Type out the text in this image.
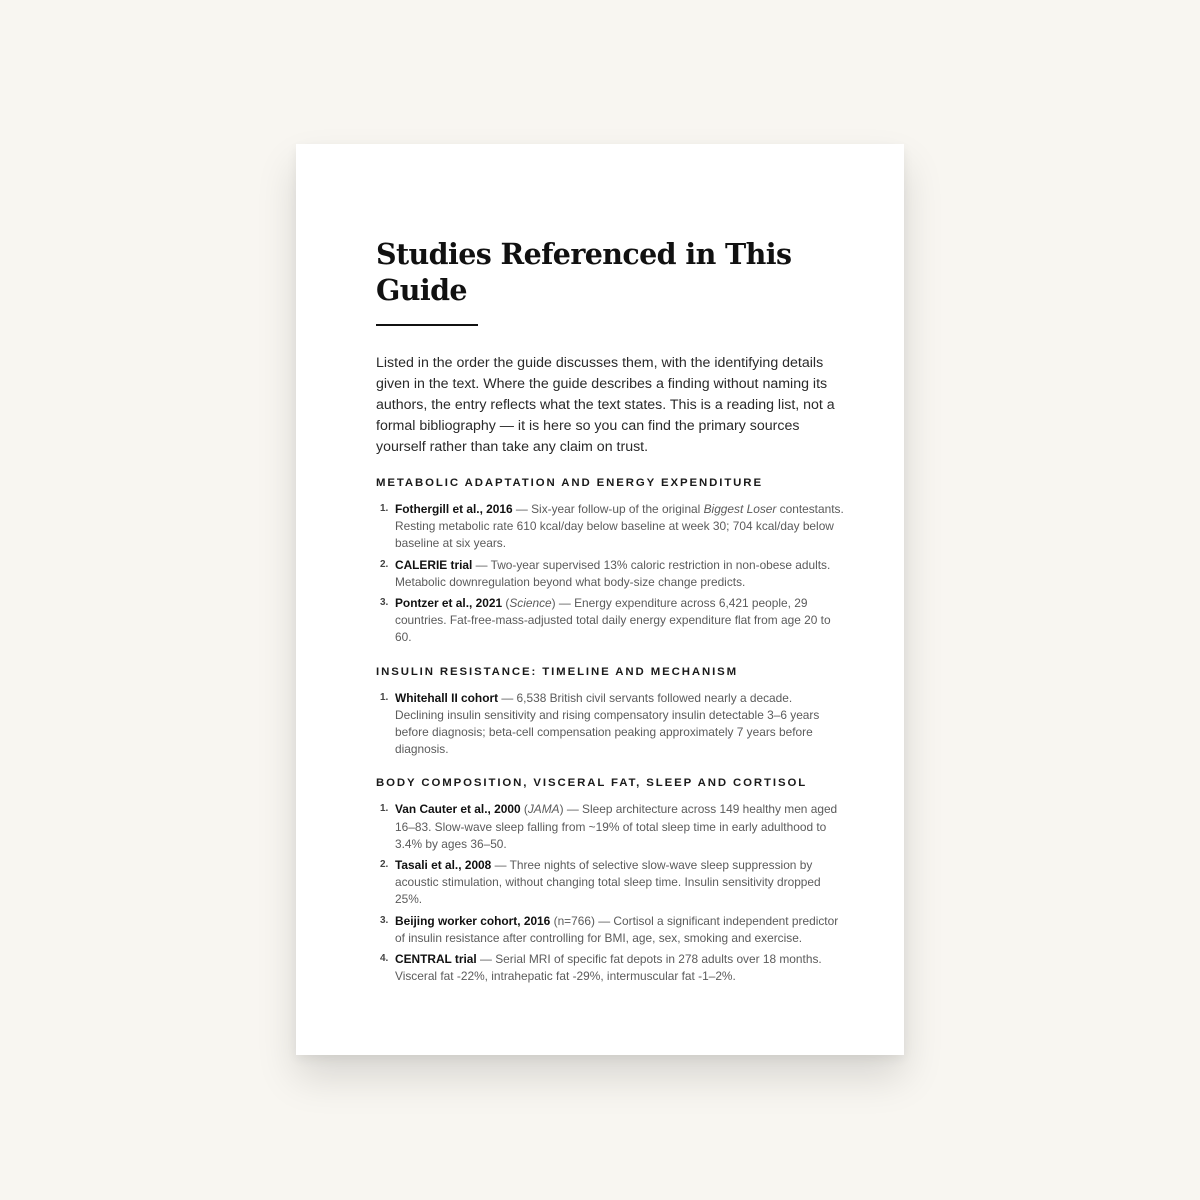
Studies Referenced in This Guide

Listed in the order the guide discusses them, with the identifying details given in the text. Where the guide describes a finding without naming its authors, the entry reflects what the text states. This is a reading list, not a formal bibliography — it is here so you can find the primary sources yourself rather than take any claim on trust.

METABOLIC ADAPTATION AND ENERGY EXPENDITURE
1. Fothergill et al., 2016 — Six-year follow-up of the original Biggest Loser contestants. Resting metabolic rate 610 kcal/day below baseline at week 30; 704 kcal/day below baseline at six years.
2. CALERIE trial — Two-year supervised 13% caloric restriction in non-obese adults. Metabolic downregulation beyond what body-size change predicts.
3. Pontzer et al., 2021 (Science) — Energy expenditure across 6,421 people, 29 countries. Fat-free-mass-adjusted total daily energy expenditure flat from age 20 to 60.
INSULIN RESISTANCE: TIMELINE AND MECHANISM
1. Whitehall II cohort — 6,538 British civil servants followed nearly a decade. Declining insulin sensitivity and rising compensatory insulin detectable 3–6 years before diagnosis; beta-cell compensation peaking approximately 7 years before diagnosis.
BODY COMPOSITION, VISCERAL FAT, SLEEP AND CORTISOL
1. Van Cauter et al., 2000 (JAMA) — Sleep architecture across 149 healthy men aged 16–83. Slow-wave sleep falling from ~19% of total sleep time in early adulthood to 3.4% by ages 36–50.
2. Tasali et al., 2008 — Three nights of selective slow-wave sleep suppression by acoustic stimulation, without changing total sleep time. Insulin sensitivity dropped 25%.
3. Beijing worker cohort, 2016 (n=766) — Cortisol a significant independent predictor of insulin resistance after controlling for BMI, age, sex, smoking and exercise.
4. CENTRAL trial — Serial MRI of specific fat depots in 278 adults over 18 months. Visceral fat -22%, intrahepatic fat -29%, intermuscular fat -1–2%.
